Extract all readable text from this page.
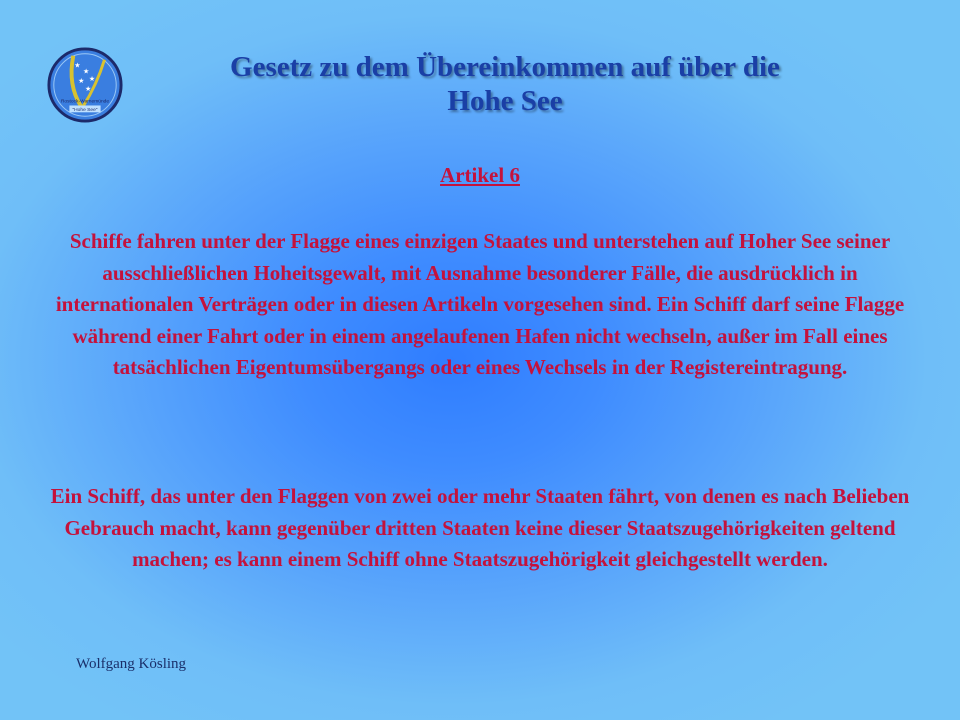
★
★
★ ★
★
Rostock-Warnemünde
"Hohe See"
Gesetz zu dem Übereinkommen auf über die
Hohe See
Artikel 6

Schiffe fahren unter der Flagge eines einzigen Staates und unterstehen auf Hoher See seiner ausschließlichen Hoheitsgewalt, mit Ausnahme besonderer Fälle, die ausdrücklich in internationalen Verträgen oder in diesen Artikeln vorgesehen sind. Ein Schiff darf seine Flagge während einer Fahrt oder in einem angelaufenen Hafen nicht wechseln, außer im Fall eines tatsächlichen Eigentumsübergangs oder eines Wechsels in der Registereintragung.

Ein Schiff, das unter den Flaggen von zwei oder mehr Staaten fährt, von denen es nach Belieben Gebrauch macht, kann gegenüber dritten Staaten keine dieser Staatszugehörigkeiten geltend machen; es kann einem Schiff ohne Staatszugehörigkeit gleichgestellt werden.

Wolfgang Kösling
